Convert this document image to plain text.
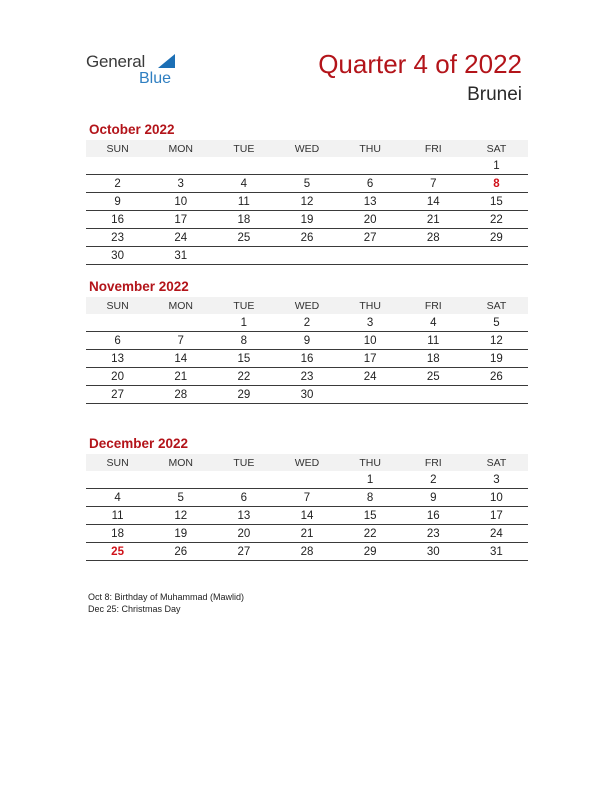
General
Blue	Quarter 4 of 2022
Brunei
October 2022
SUN	MON	TUE	WED	THU	FRI	SAT
						1
2	3	4	5	6	7	8
9	10	11	12	13	14	15
16	17	18	19	20	21	22
23	24	25	26	27	28	29
30	31					
November 2022
SUN	MON	TUE	WED	THU	FRI	SAT
		1	2	3	4	5
6	7	8	9	10	11	12
13	14	15	16	17	18	19
20	21	22	23	24	25	26
27	28	29	30			
December 2022
SUN	MON	TUE	WED	THU	FRI	SAT
				1	2	3
4	5	6	7	8	9	10
11	12	13	14	15	16	17
18	19	20	21	22	23	24
25	26	27	28	29	30	31
Oct 8: Birthday of Muhammad (Mawlid)
Dec 25: Christmas Day
